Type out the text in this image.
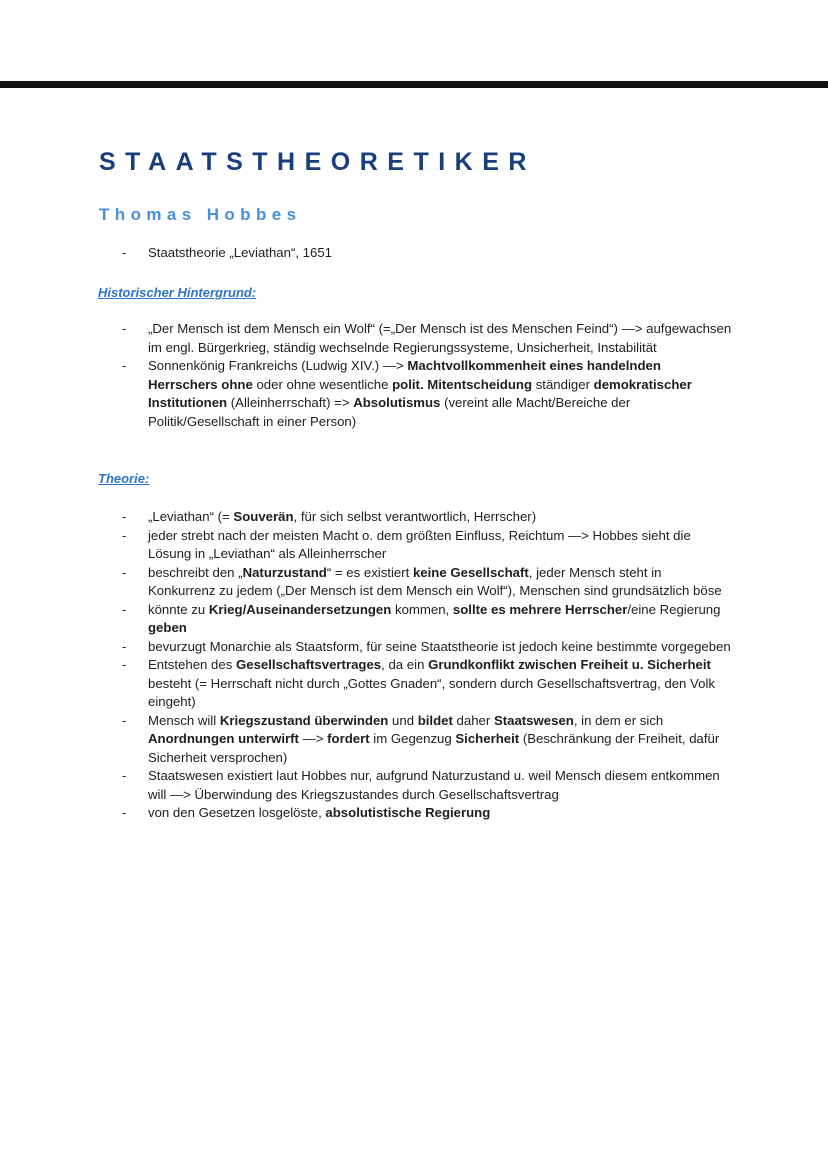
STAATSTHEORETIKER
Thomas Hobbes
- Staatstheorie „Leviathan“, 1651
Historischer Hintergrund:
- „Der Mensch ist dem Mensch ein Wolf“ (=„Der Mensch ist des Menschen Feind“) —> aufgewachsen im engl. Bürgerkrieg, ständig wechselnde Regierungssysteme, Unsicherheit, Instabilität
- Sonnenkönig Frankreichs (Ludwig XIV.) —> Machtvollkommenheit eines handelnden Herrschers ohne oder ohne wesentliche polit. Mitentscheidung ständiger demokratischer Institutionen (Alleinherrschaft) => Absolutismus (vereint alle Macht/Bereiche der Politik/Gesellschaft in einer Person)
Theorie:
- „Leviathan“ (= Souverän, für sich selbst verantwortlich, Herrscher)
- jeder strebt nach der meisten Macht o. dem größten Einfluss, Reichtum —> Hobbes sieht die Lösung in „Leviathan“ als Alleinherrscher
- beschreibt den „Naturzustand“ = es existiert keine Gesellschaft, jeder Mensch steht in Konkurrenz zu jedem („Der Mensch ist dem Mensch ein Wolf“), Menschen sind grundsätzlich böse
- könnte zu Krieg/Auseinandersetzungen kommen, sollte es mehrere Herrscher/eine Regierung geben
- bevurzugt Monarchie als Staatsform, für seine Staatstheorie ist jedoch keine bestimmte vorgegeben
- Entstehen des Gesellschaftsvertrages, da ein Grundkonflikt zwischen Freiheit u. Sicherheit besteht (= Herrschaft nicht durch „Gottes Gnaden“, sondern durch Gesellschaftsvertrag, den Volk eingeht)
- Mensch will Kriegszustand überwinden und bildet daher Staatswesen, in dem er sich Anordnungen unterwirft —> fordert im Gegenzug Sicherheit (Beschränkung der Freiheit, dafür Sicherheit versprochen)
- Staatswesen existiert laut Hobbes nur, aufgrund Naturzustand u. weil Mensch diesem entkommen will —> Überwindung des Kriegszustandes durch Gesellschaftsvertrag
- von den Gesetzen losgelöste, absolutistische Regierung
